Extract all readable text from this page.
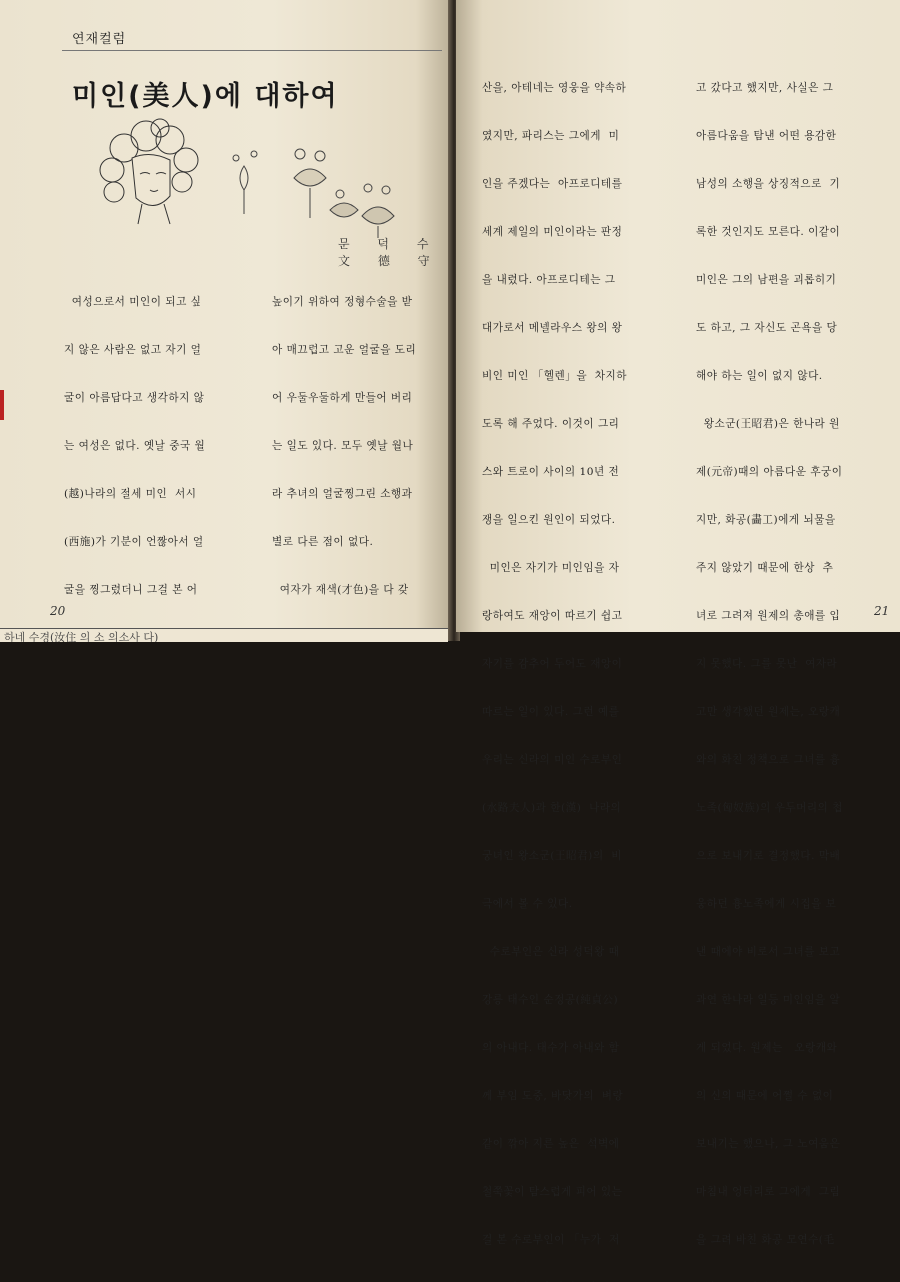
연재컬럼
미인(美人)에 대하여
문 덕 수
文 德 守

여성으로서 미인이 되고 싶

지 않은 사람은 없고 자기 얼

굴이 아름답다고 생각하지 않

는 여성은 없다. 옛날 중국 월

(越)나라의 절세 미인  서시

(西施)가 기분이 언짢아서 얼

굴을 찡그렸더니 그걸 본 어

높이기 위하여 정형수술을 받

아 매끄럽고 고운 얼굴을 도리

어 우둘우둘하게 만들어 버리

는 일도 있다. 모두 옛날 월나

라 추녀의 얼굴찡그린 소행과

별로 다른 점이 없다.

여자가 재색(才色)을 다 갖

20

산을, 아테네는 영웅을 약속하

였지만, 파리스는 그에게  미

인을 주겠다는  아프로디테를

세계 제일의 미인이라는 판정

을 내렸다. 아프로디테는 그

대가로서 메넬라우스 왕의 왕

비인 미인 「헬렌」을  차지하

도록 해 주었다. 이것이 그리

스와 트로이 사이의 10년 전

쟁을 일으킨 원인이 되었다.

미인은 자기가 미인임을 자

랑하여도 재앙이 따르기 쉽고

자기를 감추어 두어도 재앙이

따르는 일이 있다. 그런 예를

우리는 신라의 미인 수로부인

(水路夫人)과 한(漢)  나라의

궁녀인 왕소군(王昭君)의  비

극에서 볼 수 있다.

수로부인은 신라 성덕왕 때

강릉 태수인 순정공(純貞公)

의 아내다. 태수가 아내와 함

께 부임 도중, 바닷가의  벼랑

같이 깎아 지른 높은  석벽에

철쭉꽃이 탐스럽게 피어 있는

걸 본 수로부인이 「누가  저

고 갔다고 했지만, 사실은 그

아름다움을 탐낸 어떤 용감한

남성의 소행을 상징적으로  기

록한 것인지도 모른다. 이같이

미인은 그의 남편을 괴롭히기

도 하고, 그 자신도 곤욕을 당

해야 하는 일이 없지 않다.

왕소군(王昭君)은 한나라 원

제(元帝)때의 아름다운 후궁이

지만, 화공(畵工)에게 뇌물을

주지 않았기 때문에 한상  추

녀로 그려져 원제의 총애를 입

지 못했다. 그를 못난  여자라

고만 생각했던 원제는, 오랑캐

와의 화친 정책으로 그녀를 흉

노족(匈奴族)의 우두머리의 첩

으로 보내기로 결정했다. 막배

웅하던 흉노족에게 시집을 보

낸 때에야 비로서 그녀를 보고

과연 한나라 일등 미인임을 알

게 되었다. 원제는   오랑캐와

의 신의 때문에 어쩔 수 없이

보내기는 했으나, 그 노여움은

마침내 엉터리로 그에게  그림

을 그려 바친 화공 모연수(毛

21
하네 수경(汝住 의 소 의소사 다)
